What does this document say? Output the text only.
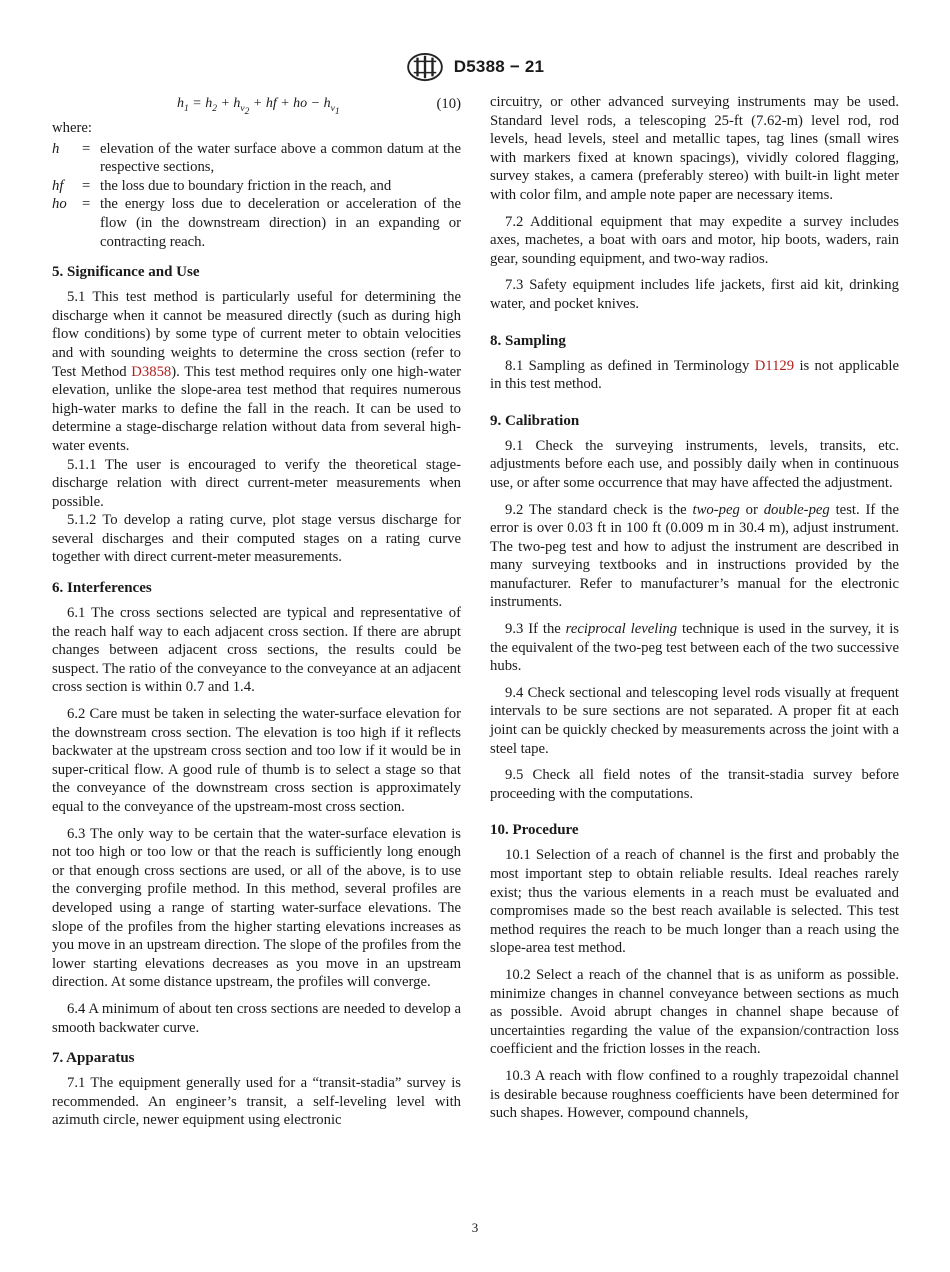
D5388 − 21
$h_1 = h_2 + h_{v_2}$ + hf + ho − $h_{v_1}$	(10)

where:

h	= elevation of the water surface above a common datum at the respective sections,
hf	= the loss due to boundary friction in the reach, and
ho	= the energy loss due to deceleration or acceleration of the flow (in the downstream direction) in an expanding or contracting reach.
5. Significance and Use

5.1 This test method is particularly useful for determining the discharge when it cannot be measured directly (such as during high flow conditions) by some type of current meter to obtain velocities and with sounding weights to determine the cross section (refer to Test Method D3858). This test method requires only one high-water elevation, unlike the slope-area test method that requires numerous high-water marks to define the fall in the reach. It can be used to determine a stage-discharge relation without data from several high-water events.

5.1.1 The user is encouraged to verify the theoretical stage-discharge relation with direct current-meter measurements when possible.

5.1.2 To develop a rating curve, plot stage versus discharge for several discharges and their computed stages on a rating curve together with direct current-meter measurements.

6. Interferences

6.1 The cross sections selected are typical and representative of the reach half way to each adjacent cross section. If there are abrupt changes between adjacent cross sections, the results could be suspect. The ratio of the conveyance to the conveyance at an adjacent cross section is within 0.7 and 1.4.

6.2 Care must be taken in selecting the water-surface elevation for the downstream cross section. The elevation is too high if it reflects backwater at the upstream cross section and too low if it would be in super-critical flow. A good rule of thumb is to select a stage so that the conveyance of the downstream cross section is approximately equal to the conveyance of the upstream-most cross section.

6.3 The only way to be certain that the water-surface elevation is not too high or too low or that the reach is sufficiently long enough or that enough cross sections are used, or all of the above, is to use the converging profile method. In this method, several profiles are developed using a range of starting water-surface elevations. The slope of the profiles from the higher starting elevations increases as you move in an upstream direction. The slope of the profiles from the lower starting elevations decreases as you move in an upstream direction. At some distance upstream, the profiles will converge.

6.4 A minimum of about ten cross sections are needed to develop a smooth backwater curve.

7. Apparatus

7.1 The equipment generally used for a “transit-stadia” survey is recommended. An engineer’s transit, a self-leveling level with azimuth circle, newer equipment using electronic

circuitry, or other advanced surveying instruments may be used. Standard level rods, a telescoping 25-ft (7.62-m) level rod, rod levels, head levels, steel and metallic tapes, tag lines (small wires with markers fixed at known spacings), vividly colored flagging, survey stakes, a camera (preferably stereo) with built-in light meter with color film, and ample note paper are necessary items.

7.2 Additional equipment that may expedite a survey includes axes, machetes, a boat with oars and motor, hip boots, waders, rain gear, sounding equipment, and two-way radios.

7.3 Safety equipment includes life jackets, first aid kit, drinking water, and pocket knives.

8. Sampling

8.1 Sampling as defined in Terminology D1129 is not applicable in this test method.

9. Calibration

9.1 Check the surveying instruments, levels, transits, etc. adjustments before each use, and possibly daily when in continuous use, or after some occurrence that may have affected the adjustment.

9.2 The standard check is the two-peg or double-peg test. If the error is over 0.03 ft in 100 ft (0.009 m in 30.4 m), adjust instrument. The two-peg test and how to adjust the instrument are described in many surveying textbooks and in instructions provided by the manufacturer. Refer to manufacturer’s manual for the electronic instruments.

9.3 If the reciprocal leveling technique is used in the survey, it is the equivalent of the two-peg test between each of the two successive hubs.

9.4 Check sectional and telescoping level rods visually at frequent intervals to be sure sections are not separated. A proper fit at each joint can be quickly checked by measurements across the joint with a steel tape.

9.5 Check all field notes of the transit-stadia survey before proceeding with the computations.

10. Procedure

10.1 Selection of a reach of channel is the first and probably the most important step to obtain reliable results. Ideal reaches rarely exist; thus the various elements in a reach must be evaluated and compromises made so the best reach available is selected. This test method requires the reach to be much longer than a reach using the slope-area test method.

10.2 Select a reach of the channel that is as uniform as possible. minimize changes in channel conveyance between sections as much as possible. Avoid abrupt changes in channel shape because of uncertainties regarding the value of the expansion/contraction loss coefficient and the friction losses in the reach.

10.3 A reach with flow confined to a roughly trapezoidal channel is desirable because roughness coefficients have been determined for such shapes. However, compound channels,

3
